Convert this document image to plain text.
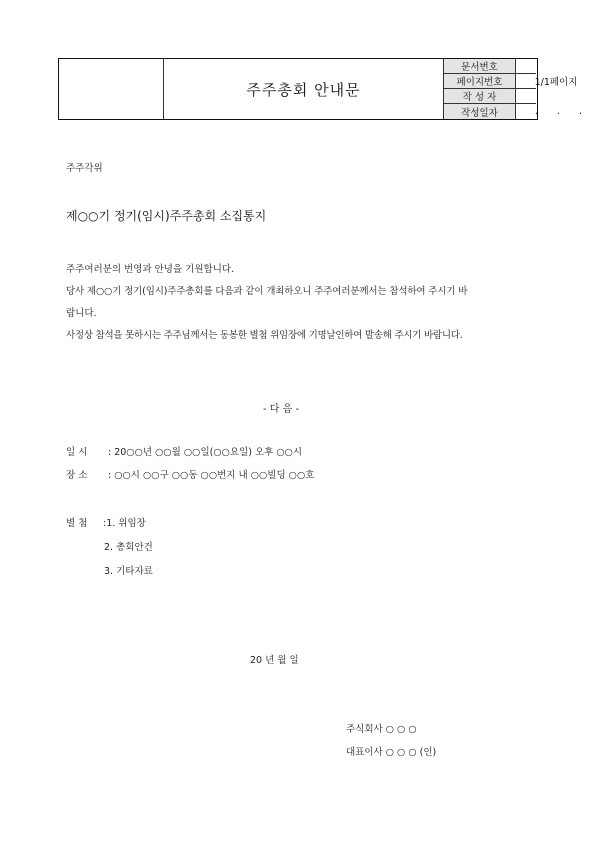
주주총회 안내문
문서번호
페이지번호	1/1페이지
작 성 자
작성일자	. . .
주주각위
제○○기 정기(임시)주주총회 소집통지
주주여러분의 번영과 안녕을 기원합니다.
당사 제○○기 정기(임시)주주총회를 다음과 같이 개최하오니 주주여러분께서는 참석하여 주시기 바
랍니다.
사정상 참석을 못하시는 주주님께서는 동봉한 별첨 위임장에 기명날인하여 발송해 주시기 바랍니다.
- 다 음 -
일 시 : 20○○년 ○○월 ○○일(○○요일) 오후 ○○시
장 소 : ○○시 ○○구 ○○동 ○○번지 내 ○○빌딩 ○○호
별 첨 :1. 위임장
2. 총회안건
3. 기타자료
20 년 월 일
주식회사 ○ ○ ○
대표이사 ○ ○ ○ (인)
